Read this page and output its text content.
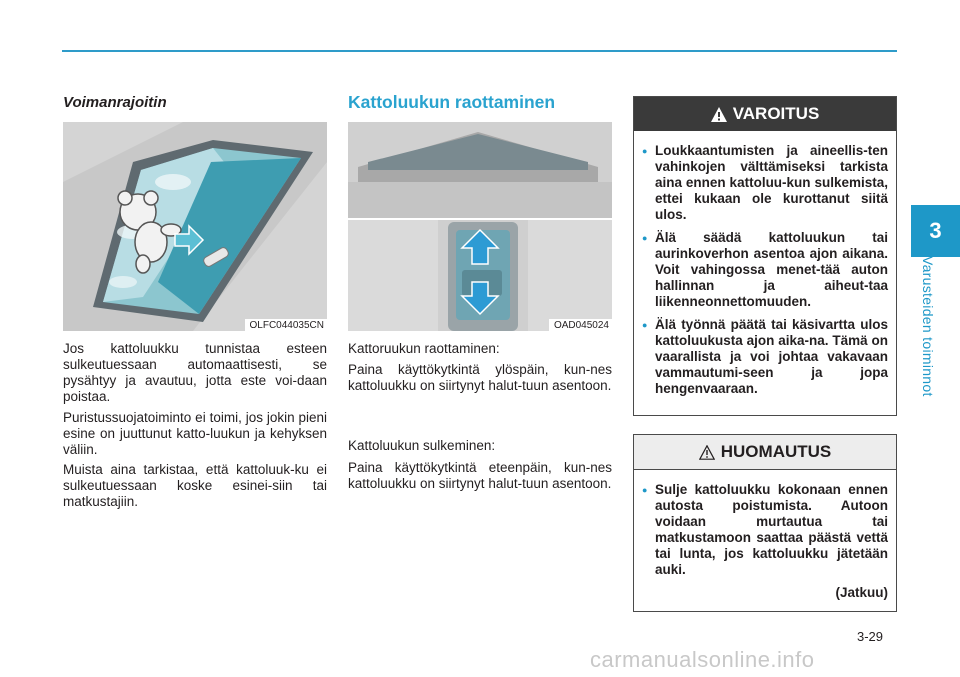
3
Varusteiden toiminnot
Voimanrajoitin
OLFC044035CN

Jos kattoluukku tunnistaa esteen sulkeutuessaan automaattisesti, se pysähtyy ja avautuu, jotta este voi-daan poistaa.

Puristussuojatoiminto ei toimi, jos jokin pieni esine on juuttunut katto-luukun ja kehyksen väliin.

Muista aina tarkistaa, että kattoluuk-ku ei sulkeutuessaan koske esinei-siin tai matkustajiin.

Kattoluukun raottaminen
OAD045024

Kattoruukun raottaminen:

Paina käyttökytkintä ylöspäin, kun-nes kattoluukku on siirtynyt halut-tuun asentoon.

Kattoluukun sulkeminen:

Paina käyttökytkintä eteenpäin, kun-nes kattoluukku on siirtynyt halut-tuun asentoon.

VAROITUS

● Loukkaantumisten ja aineellis-ten vahinkojen välttämiseksi tarkista aina ennen kattoluu-kun sulkemista, ettei kukaan ole kurottanut siitä ulos.

● Älä säädä kattoluukun tai aurinkoverhon asentoa ajon aikana. Voit vahingossa menet-tää auton hallinnan ja aiheut-taa liikenneonnettomuuden.

● Älä työnnä päätä tai käsivartta ulos kattoluukusta ajon aika-na. Tämä on vaarallista ja voi johtaa vakavaan vammautumi-seen ja jopa hengenvaaraan.

HUOMAUTUS

● Sulje kattoluukku kokonaan ennen autosta poistumista. Autoon voidaan murtautua tai matkustamoon saattaa päästä vettä tai lunta, jos kattoluukku jätetään auki.

(Jatkuu)
3-29
carmanualsonline.info
